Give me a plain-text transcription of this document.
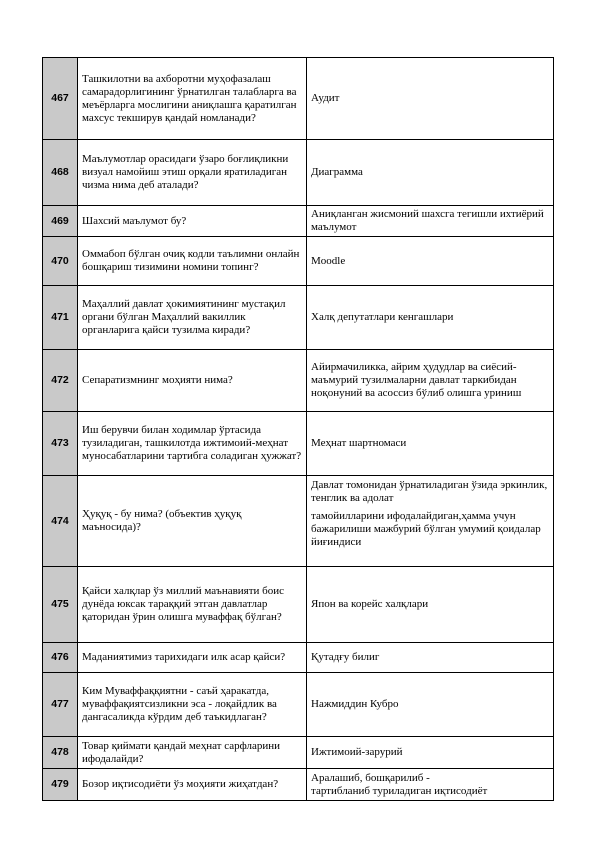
467	Ташкилотни ва ахборотни муҳофазалаш самарадорлигининг ўрнатилган талабларга ва меъёрларга мослигини аниқлашга қаратилган махсус текширув қандай номланади?	Аудит
468	Маълумотлар орасидаги ўзаро боғлиқликни визуал намойиш этиш орқали яратиладиган чизма нима деб аталади?	Диаграмма
469	Шахсий маълумот бу?	Аниқланган жисмоний шахсга тегишли ихтиёрий маълумот
470	Оммабоп бўлган очиқ кодли таълимни онлайн бошқариш тизимини номини топинг?	Moodle
471	Маҳаллий давлат ҳокимиятининг мустақил органи бўлган Маҳаллий вакиллик органларига қайси тузилма киради?	Халқ депутатлари кенгашлари
472	Сепаратизмнинг моҳияти нима?	Айирмачиликка, айрим ҳудудлар ва сиёсий-маъмурий тузилмаларни давлат таркибидан ноқонуний ва асоссиз бўлиб олишга уриниш
473	Иш берувчи билан ходимлар ўртасида тузиладиган, ташкилотда ижтимоий-меҳнат муносабатларини тартибга соладиган ҳужжат?	Меҳнат шартномаси
474	Ҳуқуқ - бу нима? (объектив ҳуқуқ маъносида)?	Давлат томонидан ўрнатиладиган ўзида эркинлик, тенглик ва адолат
тамойилларини ифодалайдиган,ҳамма учун бажарилиши мажбурий бўлган умумий қоидалар йиғиндиси

475	Қайси халқлар ўз миллий маънавияти боис дунёда юксак тараққий этган давлатлар қаторидан ўрин олишга муваффақ бўлган?	Япон ва корейс халқлари
476	Маданиятимиз тарихидаги илк асар қайси?	Қутадғу билиг
477	Ким Муваффаққиятни - саъй ҳаракатда, муваффақиятсизликни эса - лоқайдлик ва дангасаликда кўрдим деб таъкидлаган?	Нажмиддин Кубро
478	Товар қиймати қандай меҳнат сарфларини ифодалайди?	Ижтимоий-зарурий
479	Бозор иқтисодиёти ўз моҳияти жиҳатдан?	Аралашиб, бошқарилиб -
тартибланиб туриладиган иқтисодиёт
